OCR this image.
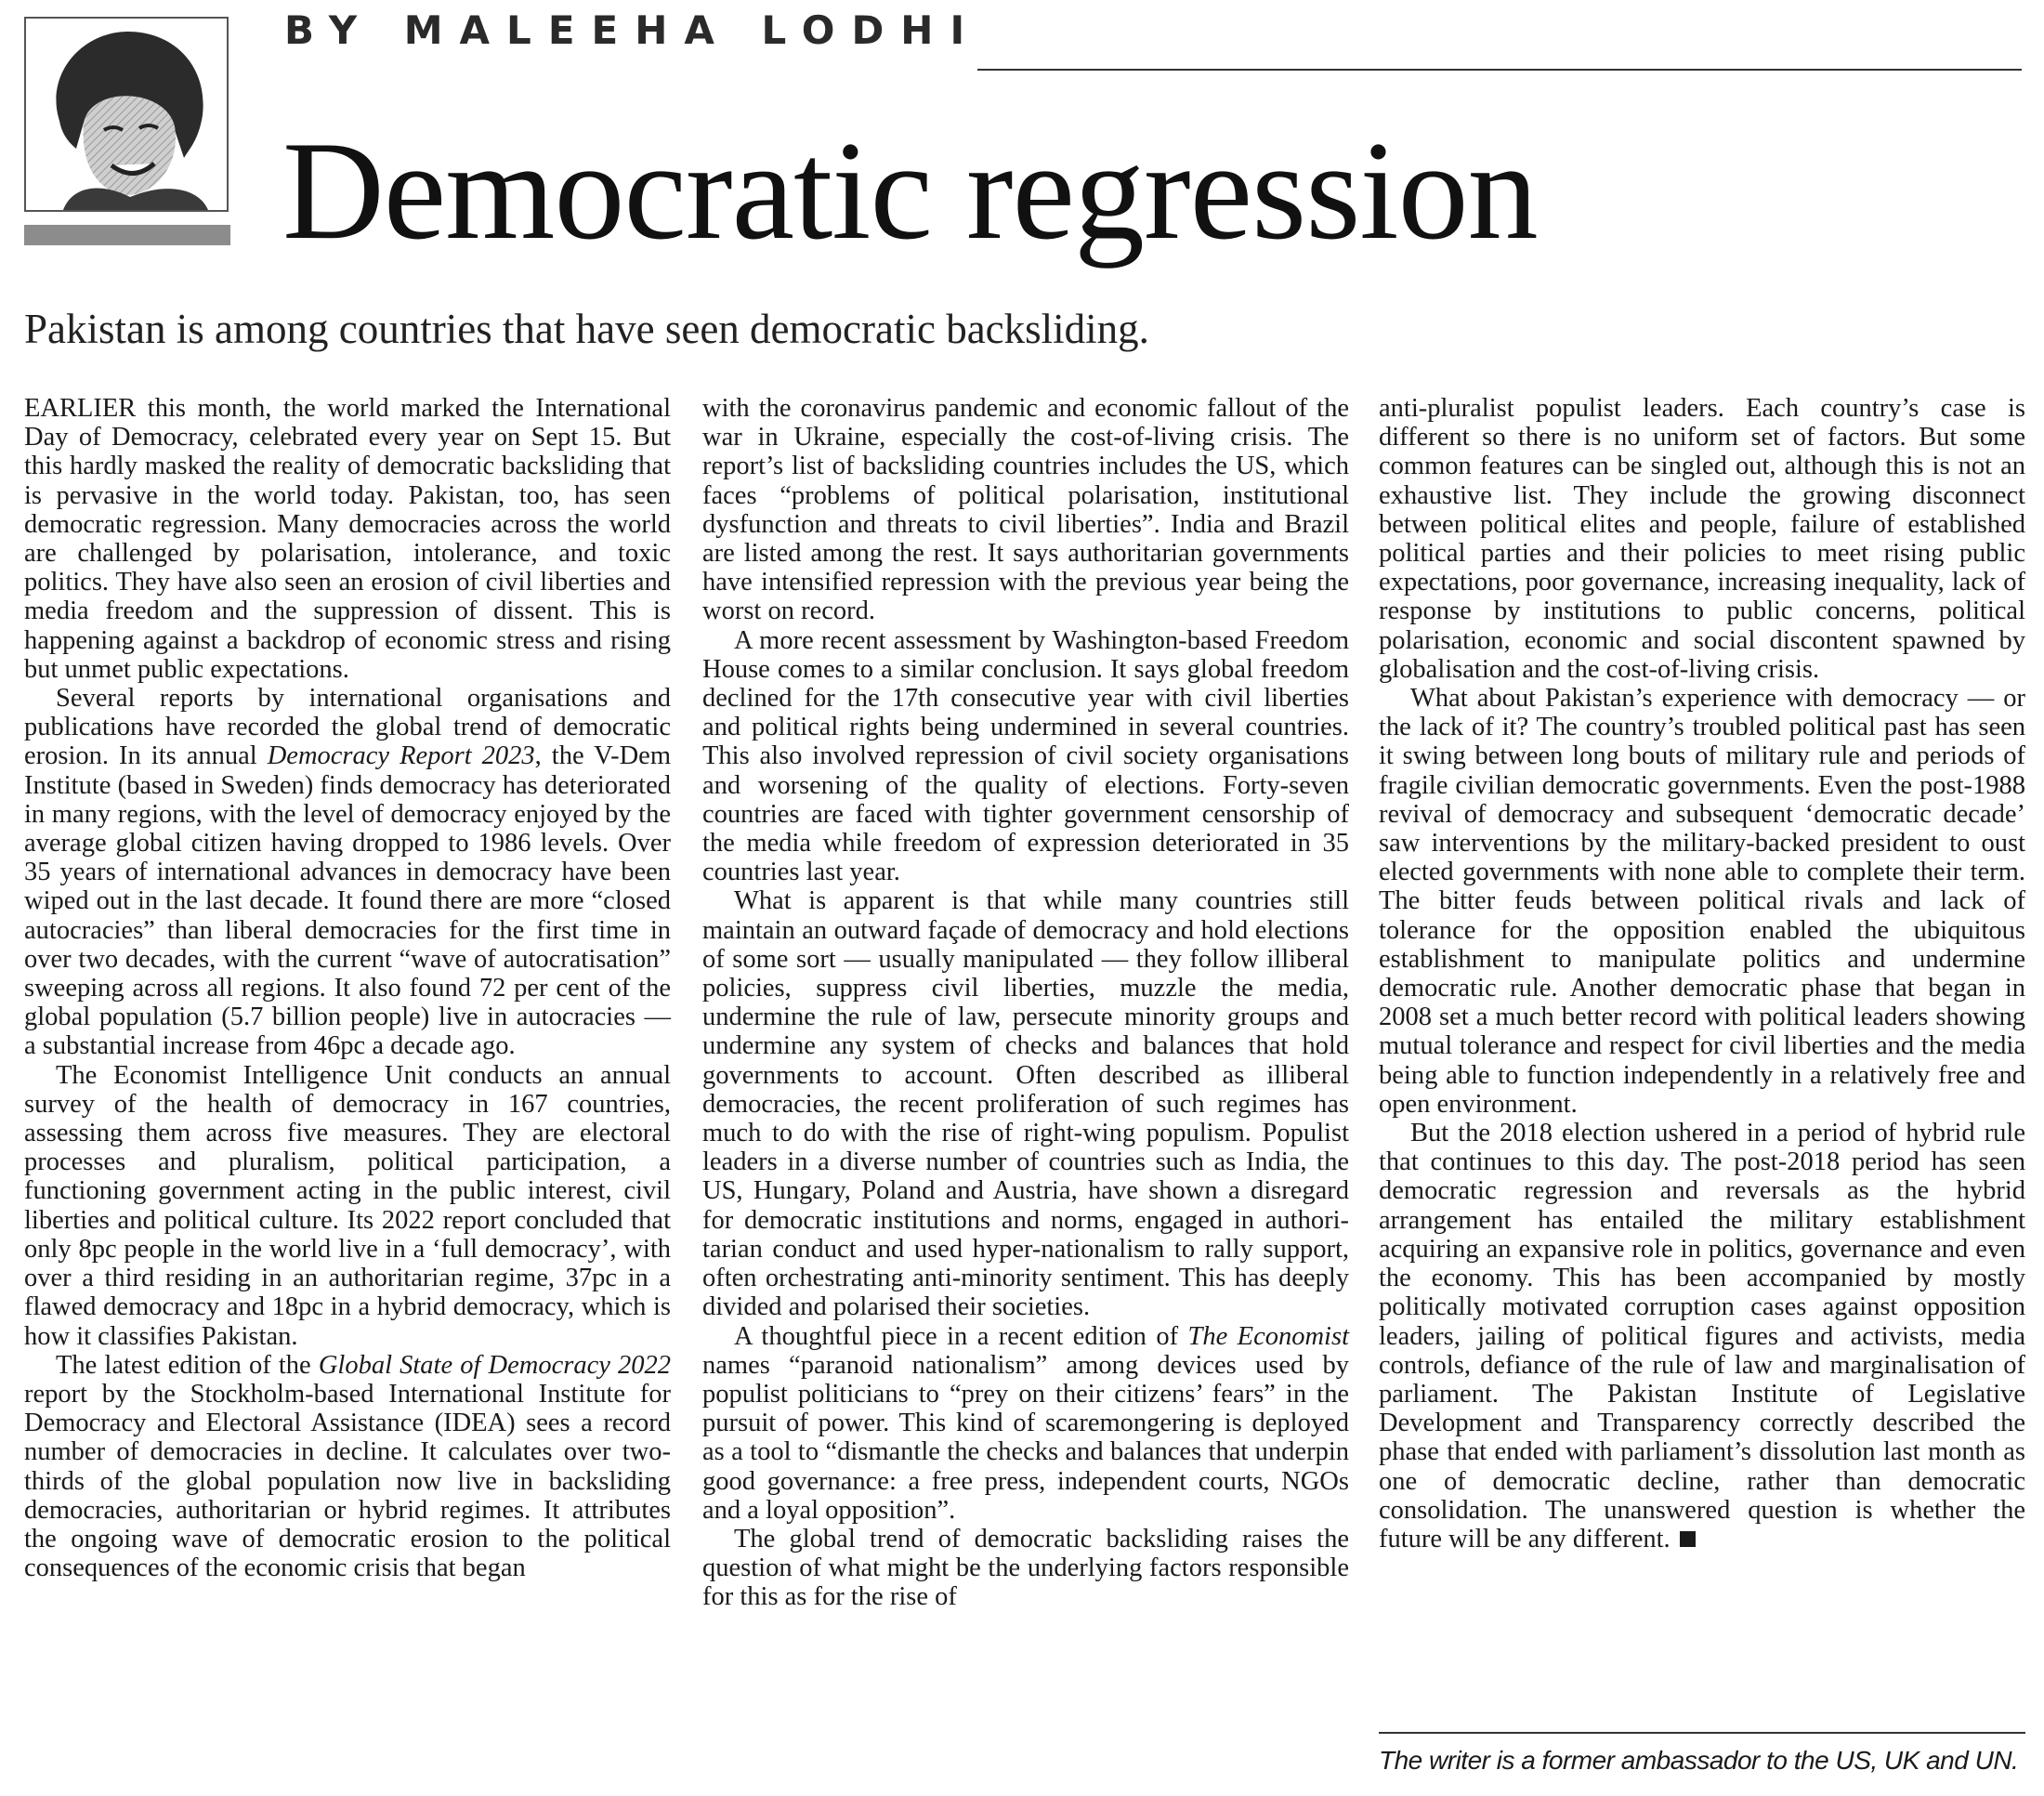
BY MALEEHA LODHI
Democratic regression
Pakistan is among countries that have seen democratic backsliding.

EARLIER this month, the world marked the International Day of Democracy, celebrated every year on Sept 15. But this hardly masked the reality of democratic backsliding that is pervasive in the world today. Pakistan, too, has seen democratic regression. Many democracies across the world are challenged by polarisation, intolerance, and toxic politics. They have also seen an erosion of civil liberties and media freedom and the suppression of dissent. This is happening against a backdrop of economic stress and rising but unmet public expectations.

Several reports by international organisations and publications have recorded the global trend of democratic erosion. In its annual Democracy Report 2023, the V-Dem Institute (based in Sweden) finds democracy has deteriorated in many regions, with the level of democracy enjoyed by the average global citizen having dropped to 1986 levels. Over 35 years of international advances in democracy have been wiped out in the last decade. It found there are more “closed autocracies” than liberal democracies for the first time in over two decades, with the current “wave of autocratisation” sweeping across all regions. It also found 72 per cent of the global population (5.7 billion people) live in autocracies — a substantial increase from 46pc a decade ago.

The Economist Intelligence Unit conducts an annual survey of the health of democracy in 167 countries, assessing them across five measures. They are electoral processes and pluralism, political participation, a functioning government acting in the public interest, civil liberties and political culture. Its 2022 report concluded that only 8pc people in the world live in a ‘full democracy’, with over a third residing in an authoritarian regime, 37pc in a flawed democracy and 18pc in a hybrid democracy, which is how it classifies Pakistan.

The latest edition of the Global State of Democracy 2022 report by the Stockholm-based International Institute for Democracy and Electoral Assistance (IDEA) sees a record number of democracies in decline. It calculates over two-thirds of the global population now live in backsliding democracies, authoritarian or hybrid regimes. It attributes the ongoing wave of democratic erosion to the political consequences of the economic crisis that began

with the coronavirus pandemic and economic fallout of the war in Ukraine, especially the cost-of-living crisis. The report’s list of backsliding countries includes the US, which faces “problems of political polarisation, institutional dysfunction and threats to civil liberties”. India and Brazil are listed among the rest. It says authoritarian governments have intensified repression with the previous year being the worst on record.

A more recent assessment by Washington-based Freedom House comes to a similar conclusion. It says global freedom declined for the 17th consecutive year with civil liberties and political rights being undermined in several countries. This also involved repression of civil society organisations and worsening of the quality of elections. Forty-seven countries are faced with tighter government censorship of the media while freedom of expression deteriorated in 35 countries last year.

What is apparent is that while many countries still maintain an outward façade of democracy and hold elections of some sort — usually manipulated — they follow illiberal policies, suppress civil liberties, muzzle the media, undermine the rule of law, persecute minority groups and undermine any system of checks and balances that hold governments to account. Often described as illiberal democracies, the recent proliferation of such regimes has much to do with the rise of right-wing populism. Populist leaders in a diverse number of countries such as India, the US, Hungary, Poland and Austria, have shown a disregard for democratic institutions and norms, engaged in authoritarian conduct and used hyper-nationalism to rally support, often orchestrating anti-minority sentiment. This has deeply divided and polarised their societies.

A thoughtful piece in a recent edition of The Economist names “paranoid nationalism” among devices used by populist politicians to “prey on their citizens’ fears” in the pursuit of power. This kind of scaremongering is deployed as a tool to “dismantle the checks and balances that underpin good governance: a free press, independent courts, NGOs and a loyal opposition”.

The global trend of democratic backsliding raises the question of what might be the underlying factors responsible for this as for the rise of

anti-pluralist populist leaders. Each country’s case is different so there is no uniform set of factors. But some common features can be singled out, although this is not an exhaustive list. They include the growing disconnect between political elites and people, failure of established political parties and their policies to meet rising public expectations, poor governance, increasing inequality, lack of response by institutions to public concerns, political polarisation, economic and social discontent spawned by globalisation and the cost-of-living crisis.

What about Pakistan’s experience with democracy — or the lack of it? The country’s troubled political past has seen it swing between long bouts of military rule and periods of fragile civilian democratic governments. Even the post-1988 revival of democracy and subsequent ‘democratic decade’ saw interventions by the military-backed president to oust elected governments with none able to complete their term. The bitter feuds between political rivals and lack of tolerance for the opposition enabled the ubiquitous establishment to manipulate politics and undermine democratic rule. Another democratic phase that began in 2008 set a much better record with political leaders showing mutual tolerance and respect for civil liberties and the media being able to function independently in a relatively free and open environment.

But the 2018 election ushered in a period of hybrid rule that continues to this day. The post-2018 period has seen democratic regression and reversals as the hybrid arrangement has entailed the military establishment acquiring an expansive role in politics, governance and even the economy. This has been accompanied by mostly politically motivated corruption cases against opposition leaders, jailing of political figures and activists, media controls, defiance of the rule of law and marginalisation of parliament. The Pakistan Institute of Legislative Development and Transparency correctly described the phase that ended with parliament’s dissolution last month as one of democratic decline, rather than democratic consolidation. The unanswered question is whether the future will be any different.

The writer is a former ambassador to the US, UK and UN.
